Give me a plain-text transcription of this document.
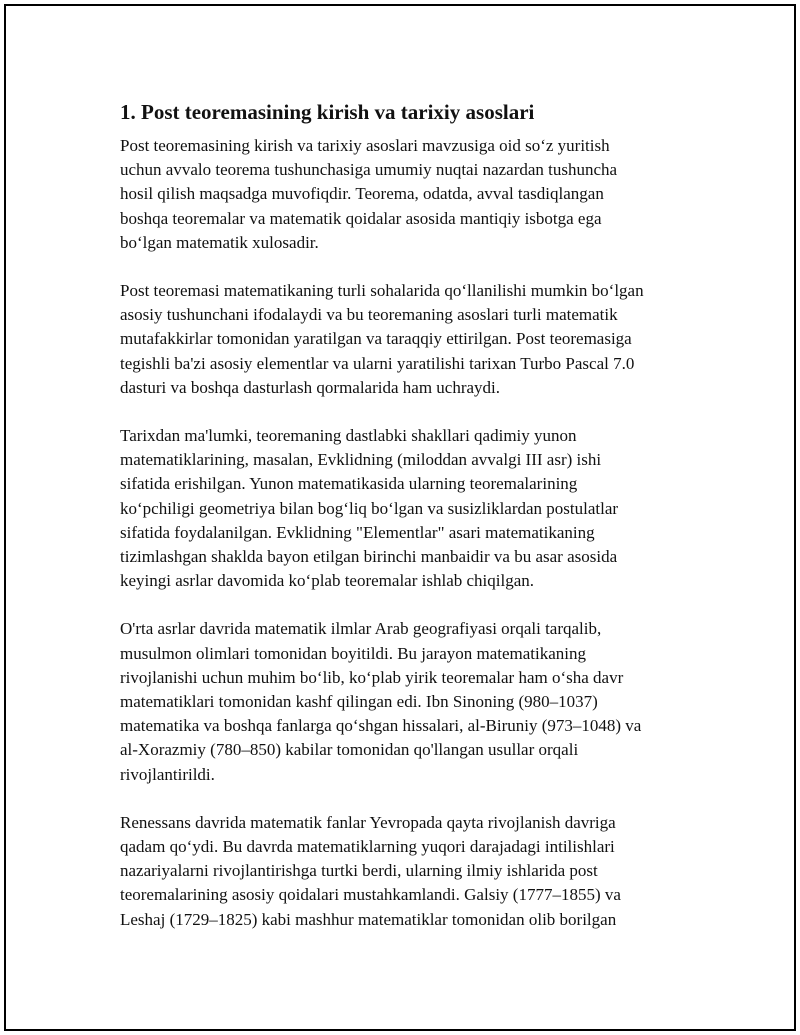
1. Post teoremasining kirish va tarixiy asoslari
Post teoremasining kirish va tarixiy asoslari mavzusiga oid so‘z yuritish
uchun avvalo teorema tushunchasiga umumiy nuqtai nazardan tushuncha
hosil qilish maqsadga muvofiqdir. Teorema, odatda, avval tasdiqlangan
boshqa teoremalar va matematik qoidalar asosida mantiqiy isbotga ega
bo‘lgan matematik xulosadir.
Post teoremasi matematikaning turli sohalarida qo‘llanilishi mumkin bo‘lgan
asosiy tushunchani ifodalaydi va bu teoremaning asoslari turli matematik
mutafakkirlar tomonidan yaratilgan va taraqqiy ettirilgan. Post teoremasiga
tegishli ba'zi asosiy elementlar va ularni yaratilishi tarixan Turbo Pascal 7.0
dasturi va boshqa dasturlash qormalarida ham uchraydi.
Tarixdan ma'lumki, teoremaning dastlabki shakllari qadimiy yunon
matematiklarining, masalan, Evklidning (miloddan avvalgi III asr) ishi
sifatida erishilgan. Yunon matematikasida ularning teoremalarining
ko‘pchiligi geometriya bilan bog‘liq bo‘lgan va susizliklardan postulatlar
sifatida foydalanilgan. Evklidning "Elementlar" asari matematikaning
tizimlashgan shaklda bayon etilgan birinchi manbaidir va bu asar asosida
keyingi asrlar davomida ko‘plab teoremalar ishlab chiqilgan.
O'rta asrlar davrida matematik ilmlar Arab geografiyasi orqali tarqalib,
musulmon olimlari tomonidan boyitildi. Bu jarayon matematikaning
rivojlanishi uchun muhim bo‘lib, ko‘plab yirik teoremalar ham o‘sha davr
matematiklari tomonidan kashf qilingan edi. Ibn Sinoning (980–1037)
matematika va boshqa fanlarga qo‘shgan hissalari, al-Biruniy (973–1048) va
al-Xorazmiy (780–850) kabilar tomonidan qo'llangan usullar orqali
rivojlantirildi.
Renessans davrida matematik fanlar Yevropada qayta rivojlanish davriga
qadam qo‘ydi. Bu davrda matematiklarning yuqori darajadagi intilishlari
nazariyalarni rivojlantirishga turtki berdi, ularning ilmiy ishlarida post
teoremalarining asosiy qoidalari mustahkamlandi. Galsiy (1777–1855) va
Leshaj (1729–1825) kabi mashhur matematiklar tomonidan olib borilgan
